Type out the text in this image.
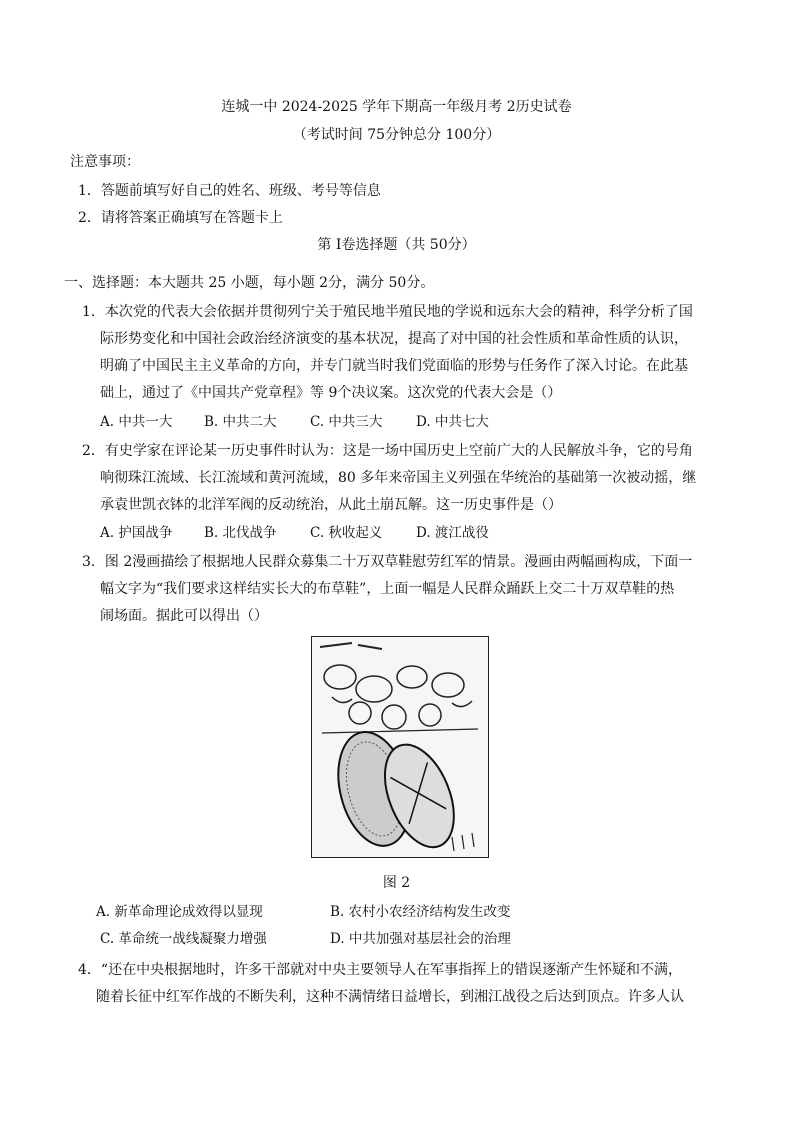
连城一中 2024-2025 学年下期高一年级月考 2历史试卷
（考试时间 75分钟总分 100分）
注意事项：
1．答题前填写好自己的姓名、班级、考号等信息
2．请将答案正确填写在答题卡上
第 I卷选择题（共 50分）
一、选择题：本大题共 25 小题，每小题 2分，满分 50分。
1．本次党的代表大会依据并贯彻列宁关于殖民地半殖民地的学说和远东大会的精神，科学分析了国
际形势变化和中国社会政治经济演变的基本状况，提高了对中国的社会性质和革命性质的认识，
明确了中国民主主义革命的方向，并专门就当时我们党面临的形势与任务作了深入讨论。在此基
础上，通过了《中国共产党章程》等 9个决议案。这次党的代表大会是（）
A. 中共一大 B. 中共二大 C. 中共三大 D. 中共七大
2．有史学家在评论某一历史事件时认为：这是一场中国历史上空前广大的人民解放斗争，它的号角
响彻珠江流域、长江流域和黄河流域，80 多年来帝国主义列强在华统治的基础第一次被动摇，继
承袁世凯衣钵的北洋军阀的反动统治，从此土崩瓦解。这一历史事件是（）
A. 护国战争 B. 北伐战争 C. 秋收起义 D. 渡江战役
3．图 2漫画描绘了根据地人民群众募集二十万双草鞋慰劳红军的情景。漫画由两幅画构成，下面一
幅文字为“我们要求这样结实长大的布草鞋”，上面一幅是人民群众踊跃上交二十万双草鞋的热
闹场面。据此可以得出（）
图 2
A. 新革命理论成效得以显现	B. 农村小农经济结构发生改变
C. 革命统一战线凝聚力增强	D. 中共加强对基层社会的治理
4．“还在中央根据地时，许多干部就对中央主要领导人在军事指挥上的错误逐渐产生怀疑和不满，
随着长征中红军作战的不断失利，这种不满情绪日益增长，到湘江战役之后达到顶点。许多人认
